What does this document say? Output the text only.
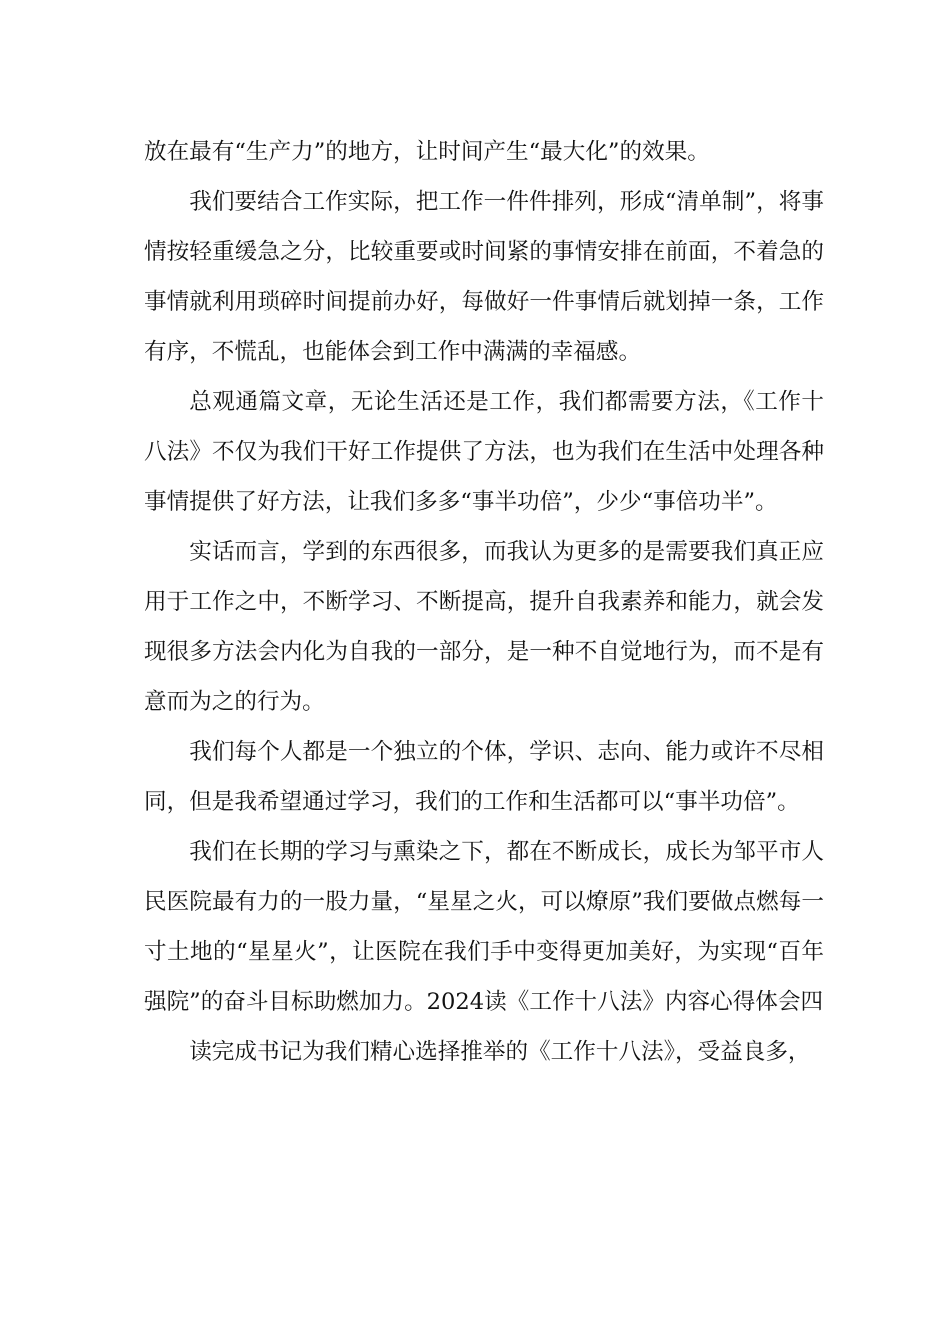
放在最有“生产力”的地方，让时间产生“最大化”的效果。

我们要结合工作实际，把工作一件件排列，形成“清单制”，将事情按轻重缓急之分，比较重要或时间紧的事情安排在前面，不着急的事情就利用琐碎时间提前办好，每做好一件事情后就划掉一条，工作有序，不慌乱，也能体会到工作中满满的幸福感。

总观通篇文章，无论生活还是工作，我们都需要方法，《工作十八法》不仅为我们干好工作提供了方法，也为我们在生活中处理各种事情提供了好方法，让我们多多“事半功倍”，少少“事倍功半”。

实话而言，学到的东西很多，而我认为更多的是需要我们真正应用于工作之中，不断学习、不断提高，提升自我素养和能力，就会发现很多方法会内化为自我的一部分，是一种不自觉地行为，而不是有意而为之的行为。

我们每个人都是一个独立的个体，学识、志向、能力或许不尽相同，但是我希望通过学习，我们的工作和生活都可以“事半功倍”。

我们在长期的学习与熏染之下，都在不断成长，成长为邹平市人民医院最有力的一股力量，“星星之火，可以燎原”我们要做点燃每一寸土地的“星星火”，让医院在我们手中变得更加美好，为实现“百年强院”的奋斗目标助燃加力。2024读《工作十八法》内容心得体会四

读完成书记为我们精心选择推举的《工作十八法》，受益良多，
